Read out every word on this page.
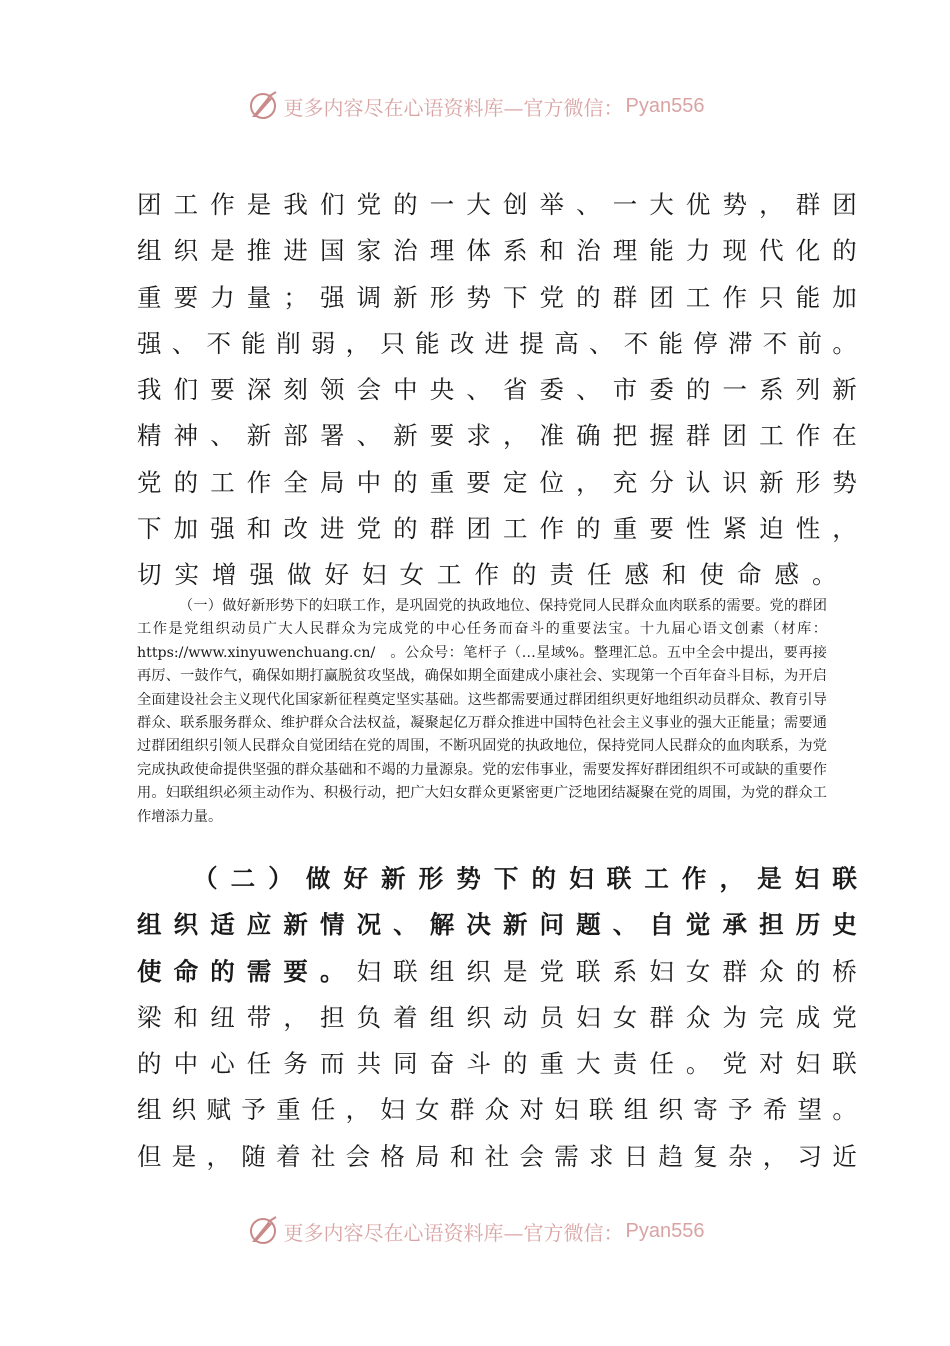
更多内容尽在心语资料库—官方微信： Pyan556
团 工 作 是 我 们 党 的 一 大 创 举 、 一 大 优 势 ， 群 团
组 织 是 推 进 国 家 治 理 体 系 和 治 理 能 力 现 代 化 的
重 要 力 量 ； 强 调 新 形 势 下 党 的 群 团 工 作 只 能 加
强 、 不 能 削 弱 ， 只 能 改 进 提 高 、 不 能 停 滞 不 前 。
我 们 要 深 刻 领 会 中 央 、 省 委 、 市 委 的 一 系 列 新
精 神 、 新 部 署 、 新 要 求 ， 准 确 把 握 群 团 工 作 在
党 的 工 作 全 局 中 的 重 要 定 位 ， 充 分 认 识 新 形 势
下 加 强 和 改 进 党 的 群 团 工 作 的 重 要 性 紧 迫 性 ，
切实增强做好妇女工作的责任感和使命感。

（一）做好新形势下的妇联工作，是巩固党的执政地位、保持党同人民群众血肉联系的需要。党的群团工作是党组织动员广大人民群众为完成党的中心任务而奋斗的重要法宝。十九届心语文创素（材库：https://www.xinyuwenchuang.cn/　。公众号：笔杆子（…星域%。整理汇总。五中全会中提出，要再接再厉、一鼓作气，确保如期打赢脱贫攻坚战，确保如期全面建成小康社会、实现第一个百年奋斗目标，为开启全面建设社会主义现代化国家新征程奠定坚实基础。这些都需要通过群团组织更好地组织动员群众、教育引导群众、联系服务群众、维护群众合法权益，凝聚起亿万群众推进中国特色社会主义事业的强大正能量；需要通过群团组织引领人民群众自觉团结在党的周围，不断巩固党的执政地位，保持党同人民群众的血肉联系，为党完成执政使命提供坚强的群众基础和不竭的力量源泉。党的宏伟事业，需要发挥好群团组织不可或缺的重要作用。妇联组织必须主动作为、积极行动，把广大妇女群众更紧密更广泛地团结凝聚在党的周围，为党的群众工作增添力量。

（ 二 ） 做 好 新 形 势 下 的 妇 联 工 作 ， 是 妇 联
组 织 适 应 新 情 况 、 解 决 新 问 题 、 自 觉 承 担 历 史
使 命 的 需 要 。 妇 联 组 织 是 党 联 系 妇 女 群 众 的 桥
梁 和 纽 带 ， 担 负 着 组 织 动 员 妇 女 群 众 为 完 成 党
的 中 心 任 务 而 共 同 奋 斗 的 重 大 责 任 。 党 对 妇 联
组 织 赋 予 重 任 ， 妇 女 群 众 对 妇 联 组 织 寄 予 希 望 。
但 是 ， 随 着 社 会 格 局 和 社 会 需 求 日 趋 复 杂 ， 习 近
更多内容尽在心语资料库—官方微信： Pyan556
